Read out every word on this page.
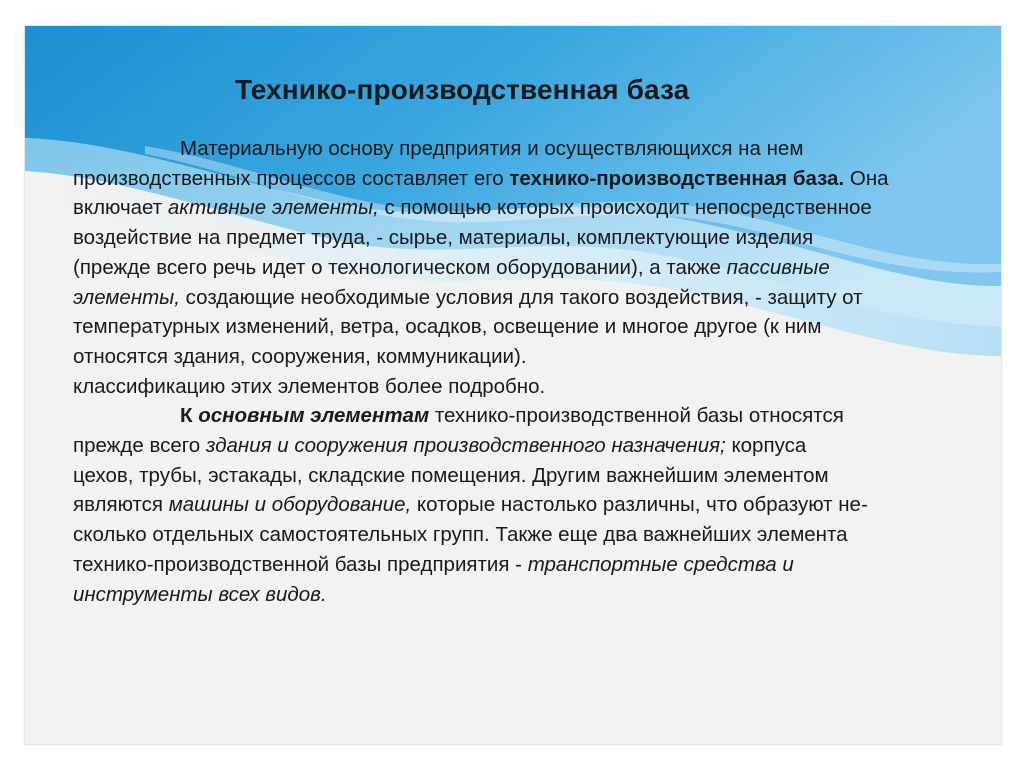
Технико-производственная база

Материальную основу предприятия и осуществляющихся на нем
производственных процессов составляет его технико-производственная база. Она
включает активные элементы, с помощью которых происходит непосредственное
воздействие на предмет труда, - сырье, материалы, комплектующие изделия
(прежде всего речь идет о технологическом оборудовании), а также пассивные
элементы, создающие необходимые условия для такого воздействия, - защиту от
температурных изменений, ветра, осадков, освещение и многое другое (к ним
относятся здания, сооружения, коммуникации).

классификацию этих элементов более подробно.

К основным элементам технико-производственной базы относятся
прежде всего здания и сооружения производственного назначения; корпуса
цехов, трубы, эстакады, складские помещения. Другим важнейшим элементом
являются машины и оборудование, которые настолько различны, что образуют не-
сколько отдельных самостоятельных групп. Также еще два важнейших элемента
технико-производственной базы предприятия - транспортные средства и
инструменты всех видов.
